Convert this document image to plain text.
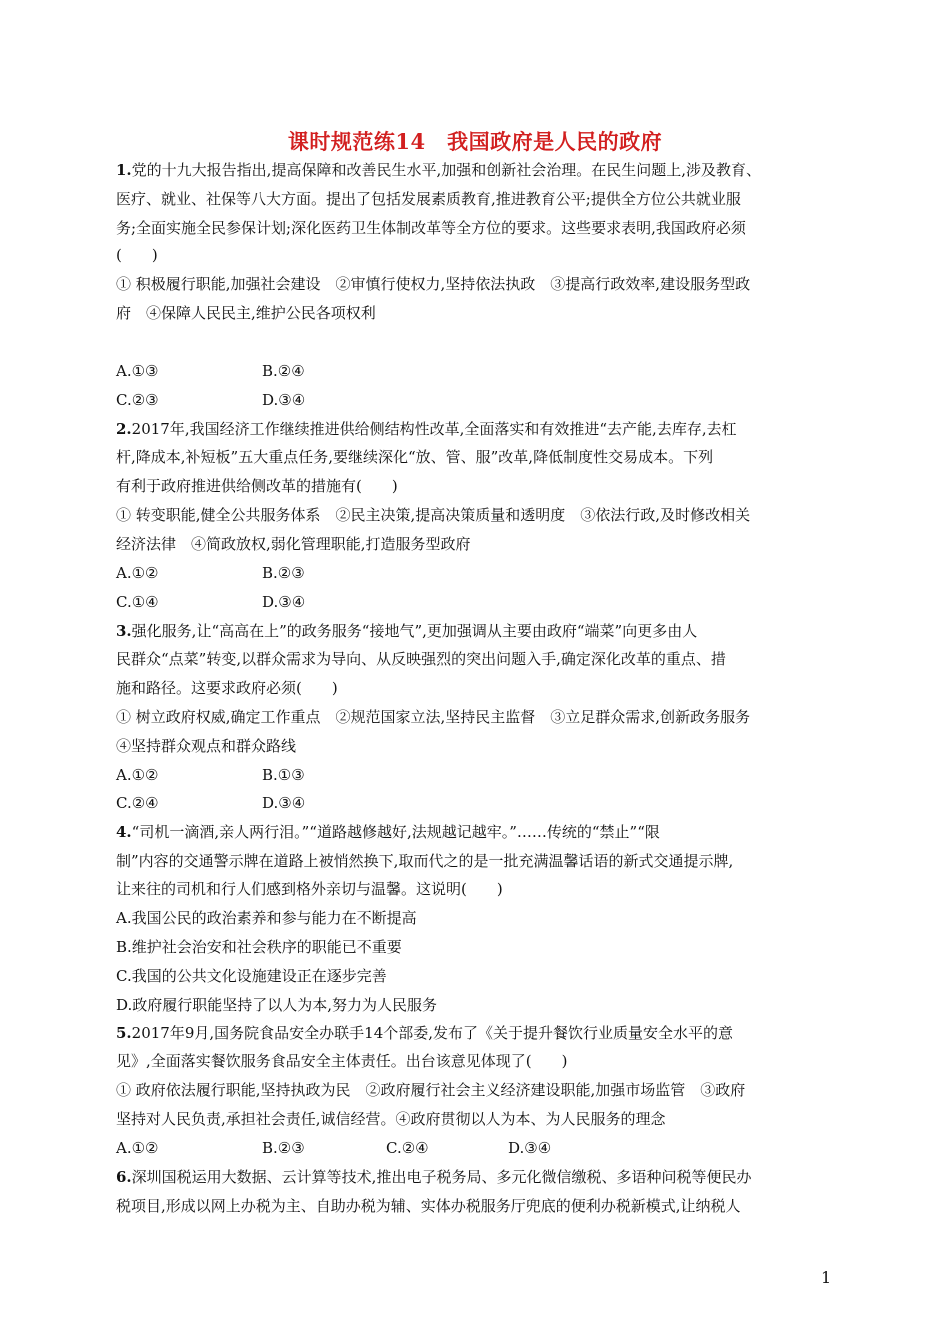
课时规范练14　我国政府是人民的政府
1.党的十九大报告指出,提高保障和改善民生水平,加强和创新社会治理。在民生问题上,涉及教育、
医疗、就业、社保等八大方面。提出了包括发展素质教育,推进教育公平;提供全方位公共就业服
务;全面实施全民参保计划;深化医药卫生体制改革等全方位的要求。这些要求表明,我国政府必须
(　　)
① 积极履行职能,加强社会建设　②审慎行使权力,坚持依法执政　③提高行政效率,建设服务型政
府　④保障人民民主,维护公民各项权利
A.①③	B.②④
C.②③	D.③④
2.2017年,我国经济工作继续推进供给侧结构性改革,全面落实和有效推进“去产能,去库存,去杠
杆,降成本,补短板”五大重点任务,要继续深化“放、管、服”改革,降低制度性交易成本。下列
有利于政府推进供给侧改革的措施有(　　)
① 转变职能,健全公共服务体系　②民主决策,提高决策质量和透明度　③依法行政,及时修改相关
经济法律　④简政放权,弱化管理职能,打造服务型政府
A.①②	B.②③
C.①④	D.③④
3.强化服务,让“高高在上”的政务服务“接地气”,更加强调从主要由政府“端菜”向更多由人
民群众“点菜”转变,以群众需求为导向、从反映强烈的突出问题入手,确定深化改革的重点、措
施和路径。这要求政府必须(　　)
① 树立政府权威,确定工作重点　②规范国家立法,坚持民主监督　③立足群众需求,创新政务服务
④坚持群众观点和群众路线
A.①②	B.①③
C.②④	D.③④
4.“司机一滴酒,亲人两行泪。”“道路越修越好,法规越记越牢。”……传统的“禁止”“限
制”内容的交通警示牌在道路上被悄然换下,取而代之的是一批充满温馨话语的新式交通提示牌,
让来往的司机和行人们感到格外亲切与温馨。这说明(　　)
A.我国公民的政治素养和参与能力在不断提高
B.维护社会治安和社会秩序的职能已不重要
C.我国的公共文化设施建设正在逐步完善
D.政府履行职能坚持了以人为本,努力为人民服务
5.2017年9月,国务院食品安全办联手14个部委,发布了《关于提升餐饮行业质量安全水平的意
见》,全面落实餐饮服务食品安全主体责任。出台该意见体现了(　　)
① 政府依法履行职能,坚持执政为民　②政府履行社会主义经济建设职能,加强市场监管　③政府
坚持对人民负责,承担社会责任,诚信经营。④政府贯彻以人为本、为人民服务的理念
A.①②	B.②③	C.②④	D.③④
6.深圳国税运用大数据、云计算等技术,推出电子税务局、多元化微信缴税、多语种问税等便民办
税项目,形成以网上办税为主、自助办税为辅、实体办税服务厅兜底的便利办税新模式,让纳税人
1
